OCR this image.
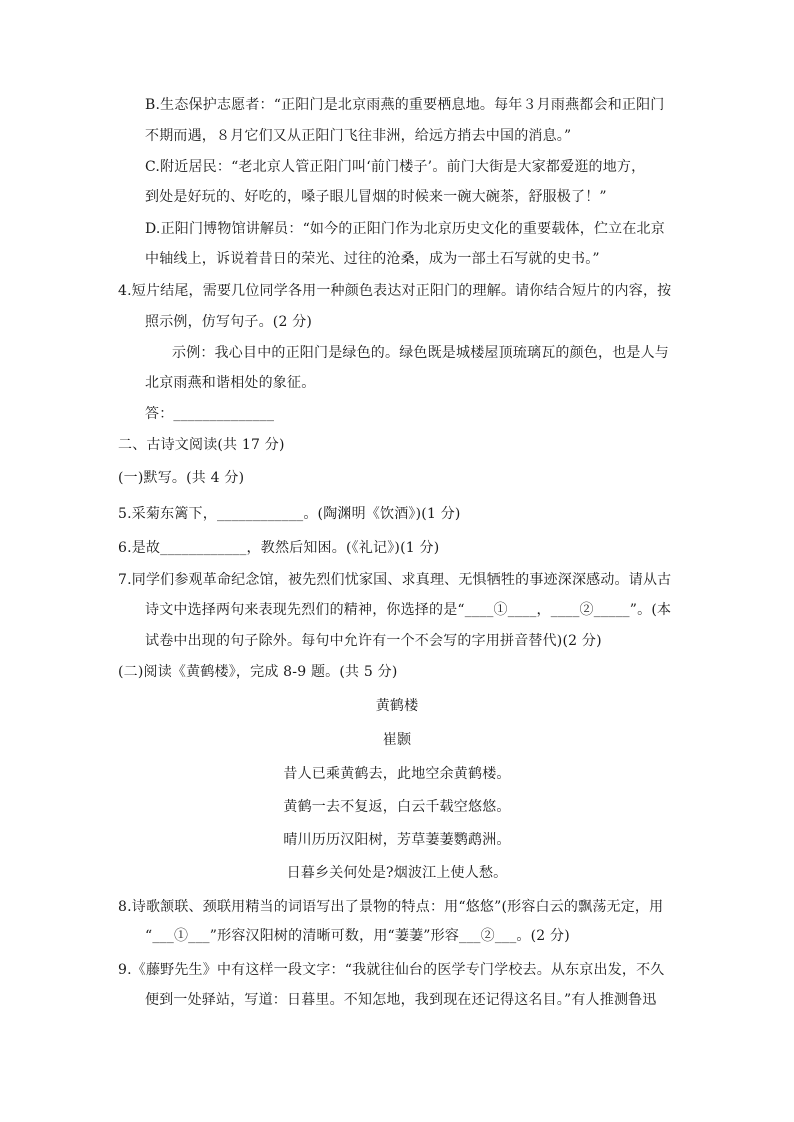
B.生态保护志愿者：“正阳门是北京雨燕的重要栖息地。每年３月雨燕都会和正阳门
不期而遇，８月它们又从正阳门飞往非洲，给远方捎去中国的消息。”
C.附近居民：“老北京人管正阳门叫‘前门楼子’。前门大街是大家都爱逛的地方，
到处是好玩的、好吃的，嗓子眼儿冒烟的时候来一碗大碗茶，舒服极了！”
D.正阳门博物馆讲解员：“如今的正阳门作为北京历史文化的重要载体，伫立在北京
中轴线上，诉说着昔日的荣光、过往的沧桑，成为一部土石写就的史书。”
4.短片结尾，需要几位同学各用一种颜色表达对正阳门的理解。请你结合短片的内容，按
照示例，仿写句子。(2 分)
示例：我心目中的正阳门是绿色的。绿色既是城楼屋顶琉璃瓦的颜色，也是人与
北京雨燕和谐相处的象征。
答：______________
二、古诗文阅读(共 17 分)
(一)默写。(共 4 分)
5.采菊东篱下，____________。(陶渊明《饮酒》)(1 分)
6.是故____________，教然后知困。(《礼记》)(1 分)
7.同学们参观革命纪念馆，被先烈们忧家国、求真理、无惧牺牲的事迹深深感动。请从古
诗文中选择两句来表现先烈们的精神，你选择的是“____①____，____②_____”。(本
试卷中出现的句子除外。每句中允许有一个不会写的字用拼音替代)(2 分)
(二)阅读《黄鹤楼》，完成 8-9 题。(共 5 分)
黄鹤楼
崔颢
昔人已乘黄鹤去，此地空余黄鹤楼。
黄鹤一去不复返，白云千载空悠悠。
晴川历历汉阳树，芳草萋萋鹦鹉洲。
日暮乡关何处是?烟波江上使人愁。
8.诗歌颔联、颈联用精当的词语写出了景物的特点：用“悠悠”(形容白云的飘荡无定，用
“___①___”形容汉阳树的清晰可数，用“萋萋”形容___②___。(2 分)
9.《藤野先生》中有这样一段文字：“我就往仙台的医学专门学校去。从东京出发，不久
便到一处驿站，写道：日暮里。不知怎地，我到现在还记得这名目。”有人推测鲁迅
